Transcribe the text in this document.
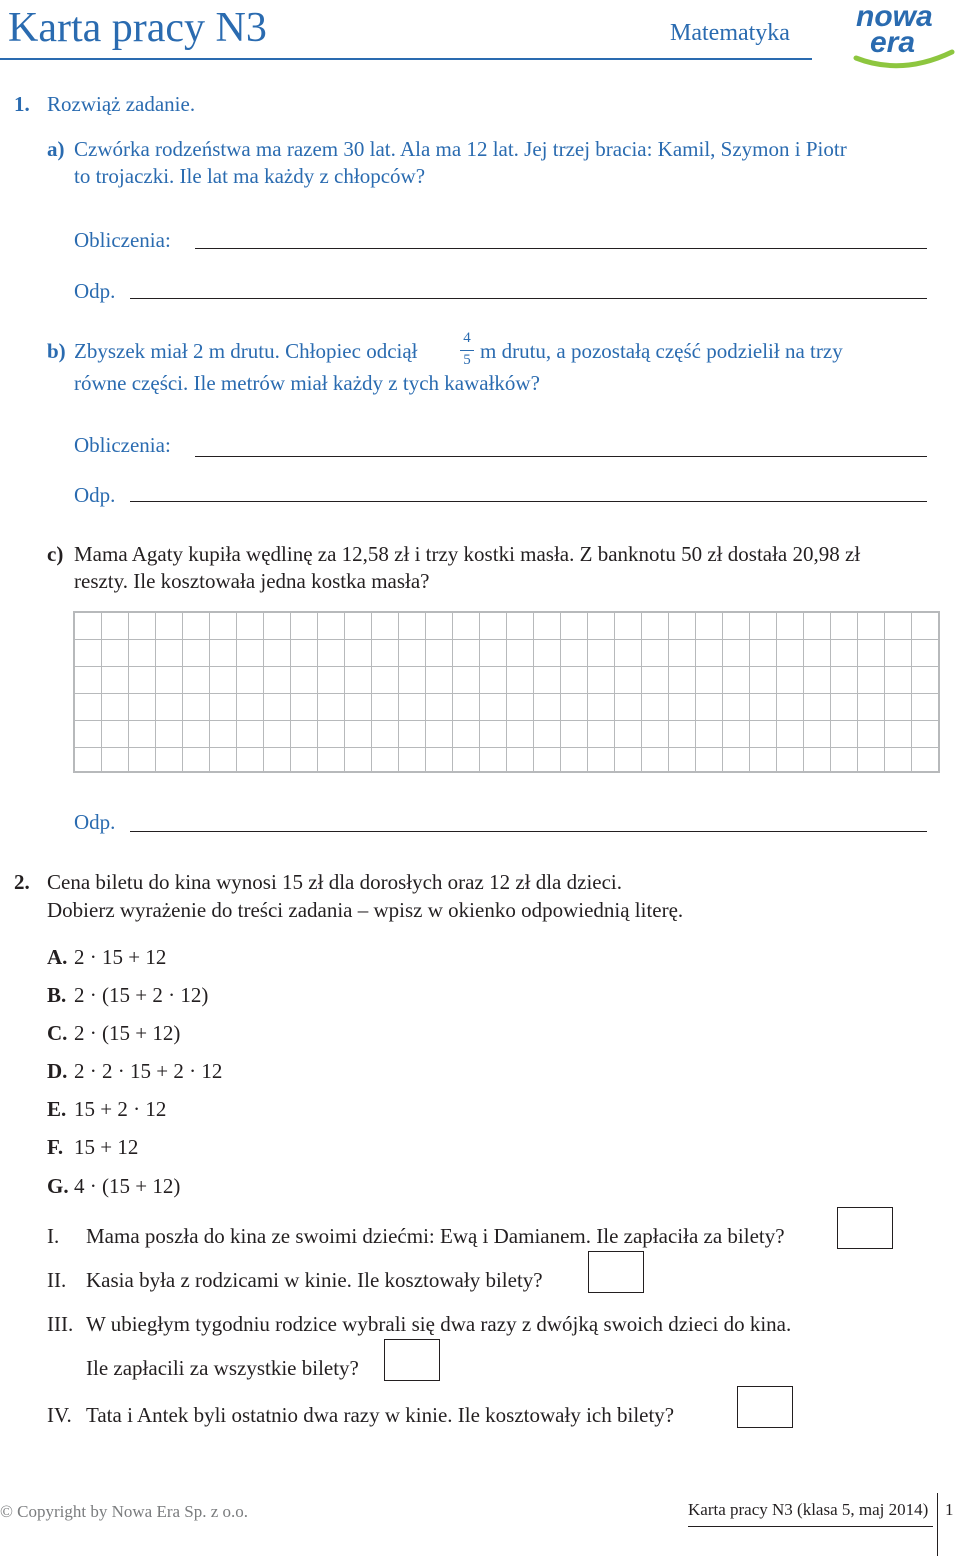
Karta pracy N3	Matematyka nowa
era
1. Rozwiąż zadanie.
a) Czwórka rodzeństwa ma razem 30 lat. Ala ma 12 lat. Jej trzej bracia: Kamil, Szymon i Piotr
to trojaczki. Ile lat ma każdy z chłopców?
Obliczenia:
Odp.
b) Zbyszek miał 2 m drutu. Chłopiec odciął
4
5 m drutu, a pozostałą część podzielił na trzy
równe części. Ile metrów miał każdy z tych kawałków?
Obliczenia:
Odp.
c) Mama Agaty kupiła wędlinę za 12,58 zł i trzy kostki masła. Z banknotu 50 zł dostała 20,98 zł
reszty. Ile kosztowała jedna kostka masła?
Odp.
2. Cena biletu do kina wynosi 15 zł dla dorosłych oraz 12 zł dla dzieci.
Dobierz wyrażenie do treści zadania – wpisz w okienko odpowiednią literę.
A. 2 · 15 + 12
B. 2 · (15 + 2 · 12)
C. 2 · (15 + 12)
D. 2 · 2 · 15 + 2 · 12
E. 15 + 2 · 12
F. 15 + 12
G. 4 · (15 + 12)
I. Mama poszła do kina ze swoimi dziećmi: Ewą i Damianem. Ile zapłaciła za bilety?
II. Kasia była z rodzicami w kinie. Ile kosztowały bilety?
III. W ubiegłym tygodniu rodzice wybrali się dwa razy z dwójką swoich dzieci do kina.
Ile zapłacili za wszystkie bilety?
IV. Tata i Antek byli ostatnio dwa razy w kinie. Ile kosztowały ich bilety?
© Copyright by Nowa Era Sp. z o.o.	Karta pracy N3 (klasa 5, maj 2014) 1
